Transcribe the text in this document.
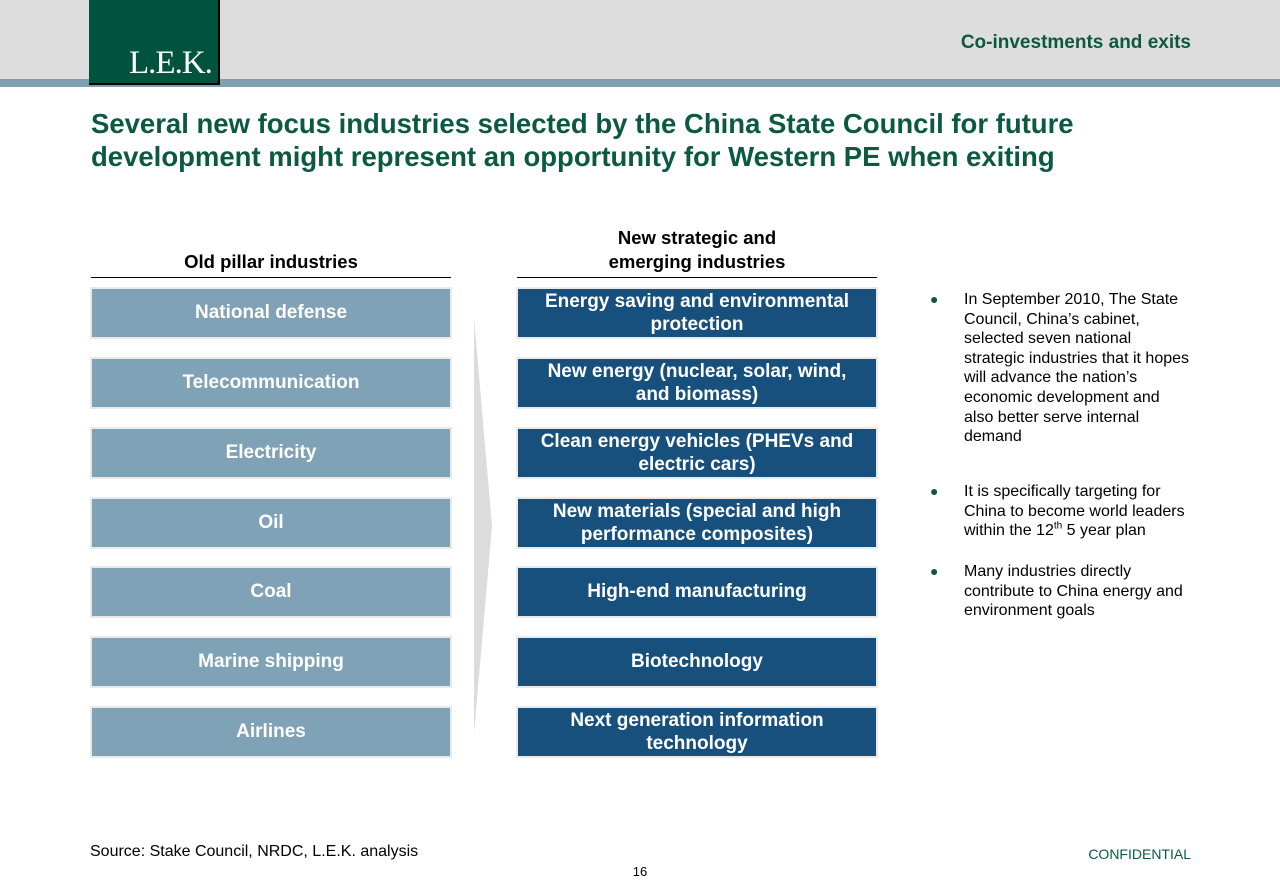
L.E.K.
Co-investments and exits
Several new focus industries selected by the China State Council for future development might represent an opportunity for Western PE when exiting
Old pillar industries
New strategic and emerging industries
National defense
Telecommunication
Electricity
Oil
Coal
Marine shipping
Airlines
Energy saving and environmental protection
New energy (nuclear, solar, wind, and biomass)
Clean energy vehicles (PHEVs and electric cars)
New materials (special and high performance composites)
High-end manufacturing
Biotechnology
Next generation information technology
●	In September 2010, The State Council, China’s cabinet, selected seven national strategic industries that it hopes will advance the nation’s economic development and also better serve internal demand
●	It is specifically targeting for China to become world leaders within the 12th 5 year plan
●	Many industries directly contribute to China energy and environment goals
Source: Stake Council, NRDC, L.E.K. analysis
16
CONFIDENTIAL
